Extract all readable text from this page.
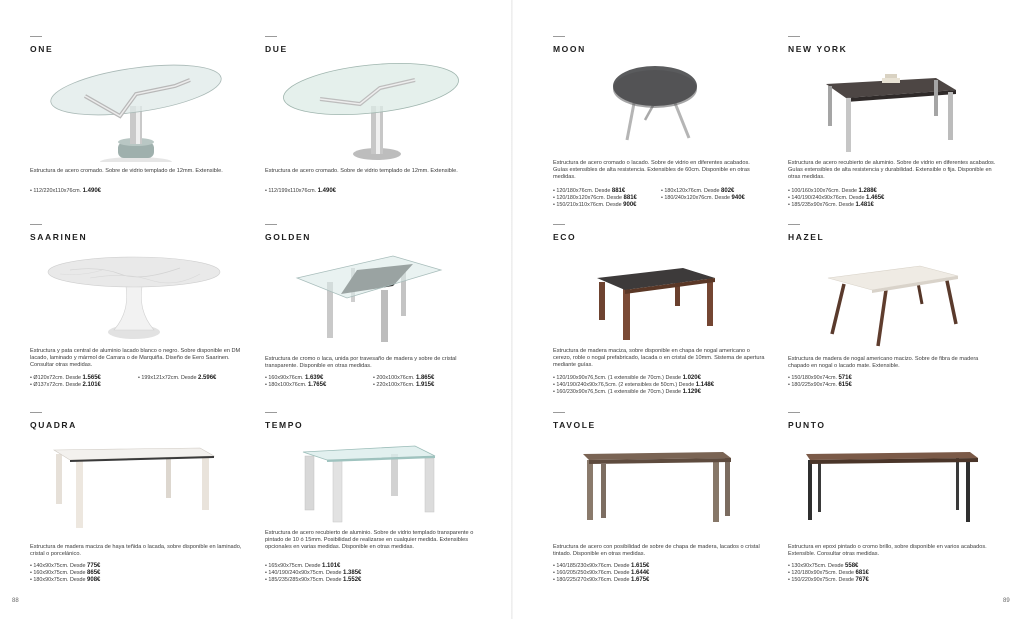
ONE

Estructura de acero cromado. Sobre de vidrio templado de 12mm. Extensible.

• 112/220x110x76cm. 1.490€
DUE

Estructura de acero cromado. Sobre de vidrio templado de 12mm. Extensible.

• 112/199x110x76cm. 1.490€
MOON

Estructura de acero cromado o lacado. Sobre de vidrio en diferentes acabados. Guías extensibles de alta resistencia. Extensibles de 60cm. Disponible en otras medidas.

• 120/180x76cm. Desde 881€	• 180x120x76cm. Desde 802€
• 120/180x120x76cm. Desde 881€	• 180/240x120x76cm. Desde 940€
• 150/210x110x76cm. Desde 900€
NEW YORK

Estructura de acero recubierto de aluminio. Sobre de vidrio en diferentes acabados. Guías extensibles de alta resistencia y durabilidad. Extensible o fija. Disponible en otras medidas.

• 100/160x100x76cm. Desde 1.288€
• 140/190/240x90x76cm. Desde 1.465€
• 185/235x90x76cm. Desde 1.481€
SAARINEN

Estructura y pata central de aluminio lacado blanco o negro. Sobre disponible en DM lacado, laminado y mármol de Carrara o de Marquiña. Diseño de Eero Saarinen. Consultar otras medidas.

• Ø120x72cm. Desde 1.565€	• 199x121x72cm. Desde 2.596€
• Ø137x72cm. Desde 2.101€
GOLDEN

Estructura de cromo o laca, unida por travesaño de madera y sobre de cristal transparente. Disponible en otras medidas.

• 160x90x76cm. 1.639€	• 200x100x76cm. 1.865€
• 180x100x76cm. 1.765€	• 220x100x76cm. 1.915€
ECO

Estructura de madera maciza, sobre disponible en chapa de nogal americano o cerezo, roble o nogal prefabricado, lacada o en cristal de 10mm. Sistema de apertura mediante guías.

• 120/190x90x76,5cm. (1 extensible de 70cm.) Desde 1.020€
• 140/190/240x90x76,5cm. (2 extensibles de 50cm.) Desde 1.148€
• 160/230x90x76,5cm. (1 extensible de 70cm.) Desde 1.129€
HAZEL

Estructura de madera de nogal americano macizo. Sobre de fibra de madera chapado en nogal o lacado mate. Extensible.

• 150/180x90x74cm. 571€
• 180/225x90x74cm. 615€
QUADRA

Estructura de madera maciza de haya teñida o lacada, sobre disponible en laminado, cristal o porcelánico.

• 140x90x75cm. Desde 775€
• 160x90x75cm. Desde 865€
• 180x90x75cm. Desde 908€
TEMPO

Estructura de acero recubierto de aluminio. Sobre de vidrio templado transparente o pintado de 10 ó 15mm. Posibilidad de realizarse en cualquier medida. Extensibles opcionales en varias medidas. Disponible en otras medidas.

• 165x90x75cm. Desde 1.101€
• 140/190/240x90x75cm. Desde 1.385€
• 185/235/285x90x75cm. Desde 1.552€
TAVOLE

Estructura de acero con posibilidad de sobre de chapa de madera, lacados o cristal tintado. Disponible en otras medidas.

• 140/185/230x90x76cm. Desde 1.615€
• 160/205/250x90x76cm. Desde 1.644€
• 180/225/270x90x76cm. Desde 1.675€
PUNTO

Estructura en epoxi pintado o cromo brillo, sobre disponible en varios acabados. Extensible. Consultar otras medidas.

• 130x90x75cm. Desde 558€
• 120/180x90x75cm. Desde 681€
• 150/220x90x75cm. Desde 767€
88	89
